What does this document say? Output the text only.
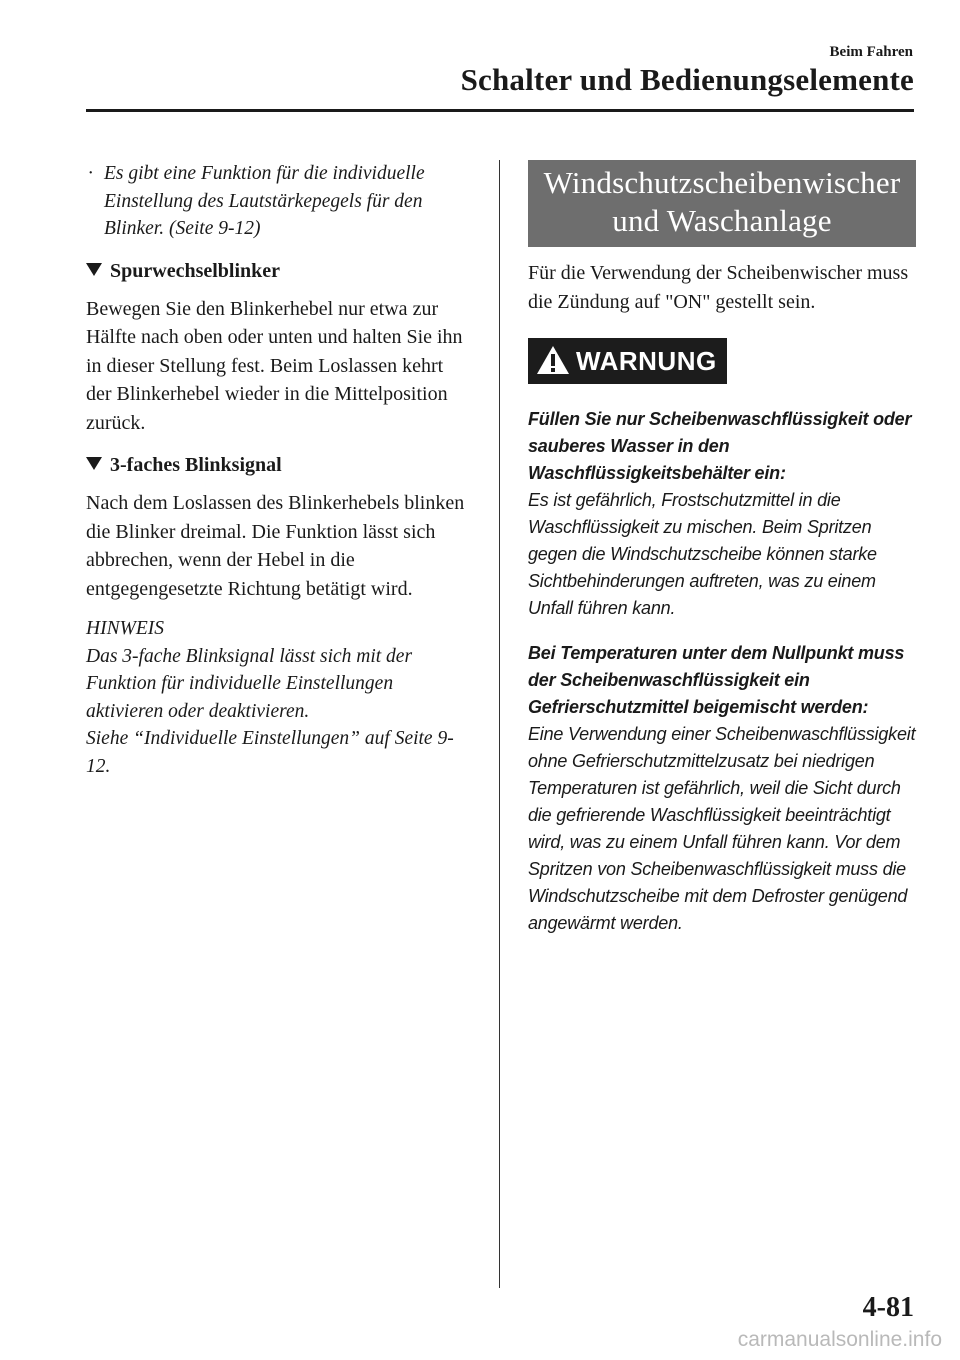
Beim Fahren
Schalter und Bedienungselemente
· Es gibt eine Funktion für die individuelle Einstellung des Lautstärkepegels für den Blinker. (Seite 9-12)
Spurwechselblinker
Bewegen Sie den Blinkerhebel nur etwa zur Hälfte nach oben oder unten und halten Sie ihn in dieser Stellung fest. Beim Loslassen kehrt der Blinkerhebel wieder in die Mittelposition zurück.
3-faches Blinksignal
Nach dem Loslassen des Blinkerhebels blinken die Blinker dreimal. Die Funktion lässt sich abbrechen, wenn der Hebel in die entgegengesetzte Richtung betätigt wird.
HINWEIS
Das 3-fache Blinksignal lässt sich mit der Funktion für individuelle Einstellungen aktivieren oder deaktivieren.
Siehe “Individuelle Einstellungen” auf Seite 9-12.
Windschutzscheibenwischer
und Waschanlage
Für die Verwendung der Scheibenwischer muss die Zündung auf "ON" gestellt sein.
WARNUNG
Füllen Sie nur Scheibenwaschflüssigkeit oder sauberes Wasser in den Waschflüssigkeitsbehälter ein:
Es ist gefährlich, Frostschutzmittel in die Waschflüssigkeit zu mischen. Beim Spritzen gegen die Windschutzscheibe können starke Sichtbehinderungen auftreten, was zu einem Unfall führen kann.
Bei Temperaturen unter dem Nullpunkt muss der Scheibenwaschflüssigkeit ein Gefrierschutzmittel beigemischt werden:
Eine Verwendung einer Scheibenwaschflüssigkeit ohne Gefrierschutzmittelzusatz bei niedrigen Temperaturen ist gefährlich, weil die Sicht durch die gefrierende Waschflüssigkeit beeinträchtigt wird, was zu einem Unfall führen kann. Vor dem Spritzen von Scheibenwaschflüssigkeit muss die Windschutzscheibe mit dem Defroster genügend angewärmt werden.
4-81
carmanualsonline.info
